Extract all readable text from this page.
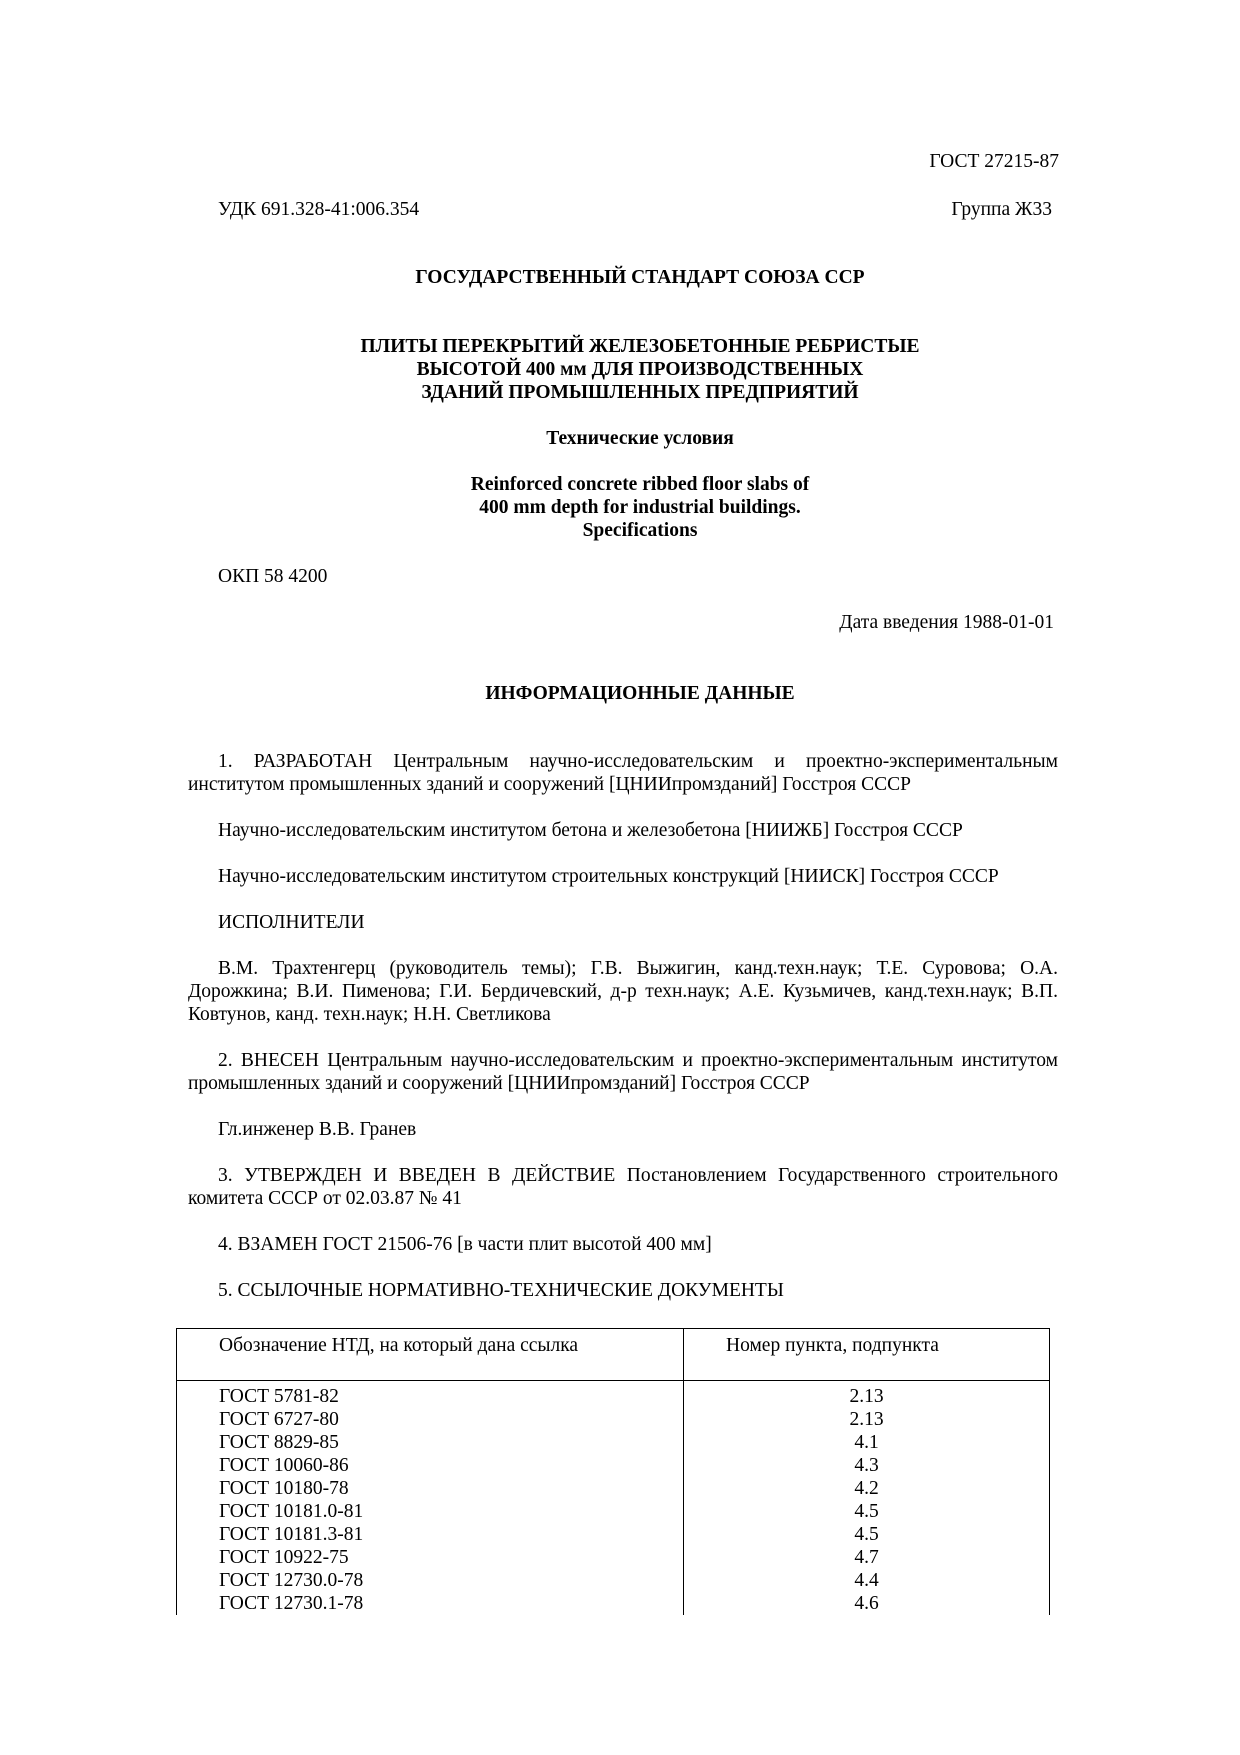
ГОСТ 27215-87
УДК 691.328-41:006.354	Группа Ж33
ГОСУДАРСТВЕННЫЙ СТАНДАРТ СОЮЗА ССР
ПЛИТЫ ПЕРЕКРЫТИЙ ЖЕЛЕЗОБЕТОННЫЕ РЕБРИСТЫЕ
ВЫСОТОЙ 400 мм ДЛЯ ПРОИЗВОДСТВЕННЫХ
ЗДАНИЙ ПРОМЫШЛЕННЫХ ПРЕДПРИЯТИЙ
Технические условия
Reinforced concrete ribbed floor slabs of
400 mm depth for industrial buildings.
Specifications
ОКП 58 4200
Дата введения 1988-01-01
ИНФОРМАЦИОННЫЕ ДАННЫЕ
1. РАЗРАБОТАН Центральным научно-исследовательским и проектно-экспериментальным институтом промышленных зданий и сооружений [ЦНИИпромзданий] Госстроя СССР
Научно-исследовательским институтом бетона и железобетона [НИИЖБ] Госстроя СССР
Научно-исследовательским институтом строительных конструкций [НИИСК] Госстроя СССР
ИСПОЛНИТЕЛИ
В.М. Трахтенгерц (руководитель темы); Г.В. Выжигин, канд.техн.наук; Т.Е. Суровова; О.А. Дорожкина; В.И. Пименова; Г.И. Бердичевский, д-р техн.наук; А.Е. Кузьмичев, канд.техн.наук; В.П. Ковтунов, канд. техн.наук; Н.Н. Светликова
2. ВНЕСЕН Центральным научно-исследовательским и проектно-экспериментальным институтом промышленных зданий и сооружений [ЦНИИпромзданий] Госстроя СССР
Гл.инженер В.В. Гранев
3. УТВЕРЖДЕН И ВВЕДЕН В ДЕЙСТВИЕ Постановлением Государственного строительного комитета СССР от 02.03.87 № 41
4. ВЗАМЕН ГОСТ 21506-76 [в части плит высотой 400 мм]
5. ССЫЛОЧНЫЕ НОРМАТИВНО-ТЕХНИЧЕСКИЕ ДОКУМЕНТЫ
Обозначение НТД, на который дана ссылка	Номер пункта, подпункта
ГОСТ 5781-82	2.13
ГОСТ 6727-80	2.13
ГОСТ 8829-85	4.1
ГОСТ 10060-86	4.3
ГОСТ 10180-78	4.2
ГОСТ 10181.0-81	4.5
ГОСТ 10181.3-81	4.5
ГОСТ 10922-75	4.7
ГОСТ 12730.0-78	4.4
ГОСТ 12730.1-78	4.6
